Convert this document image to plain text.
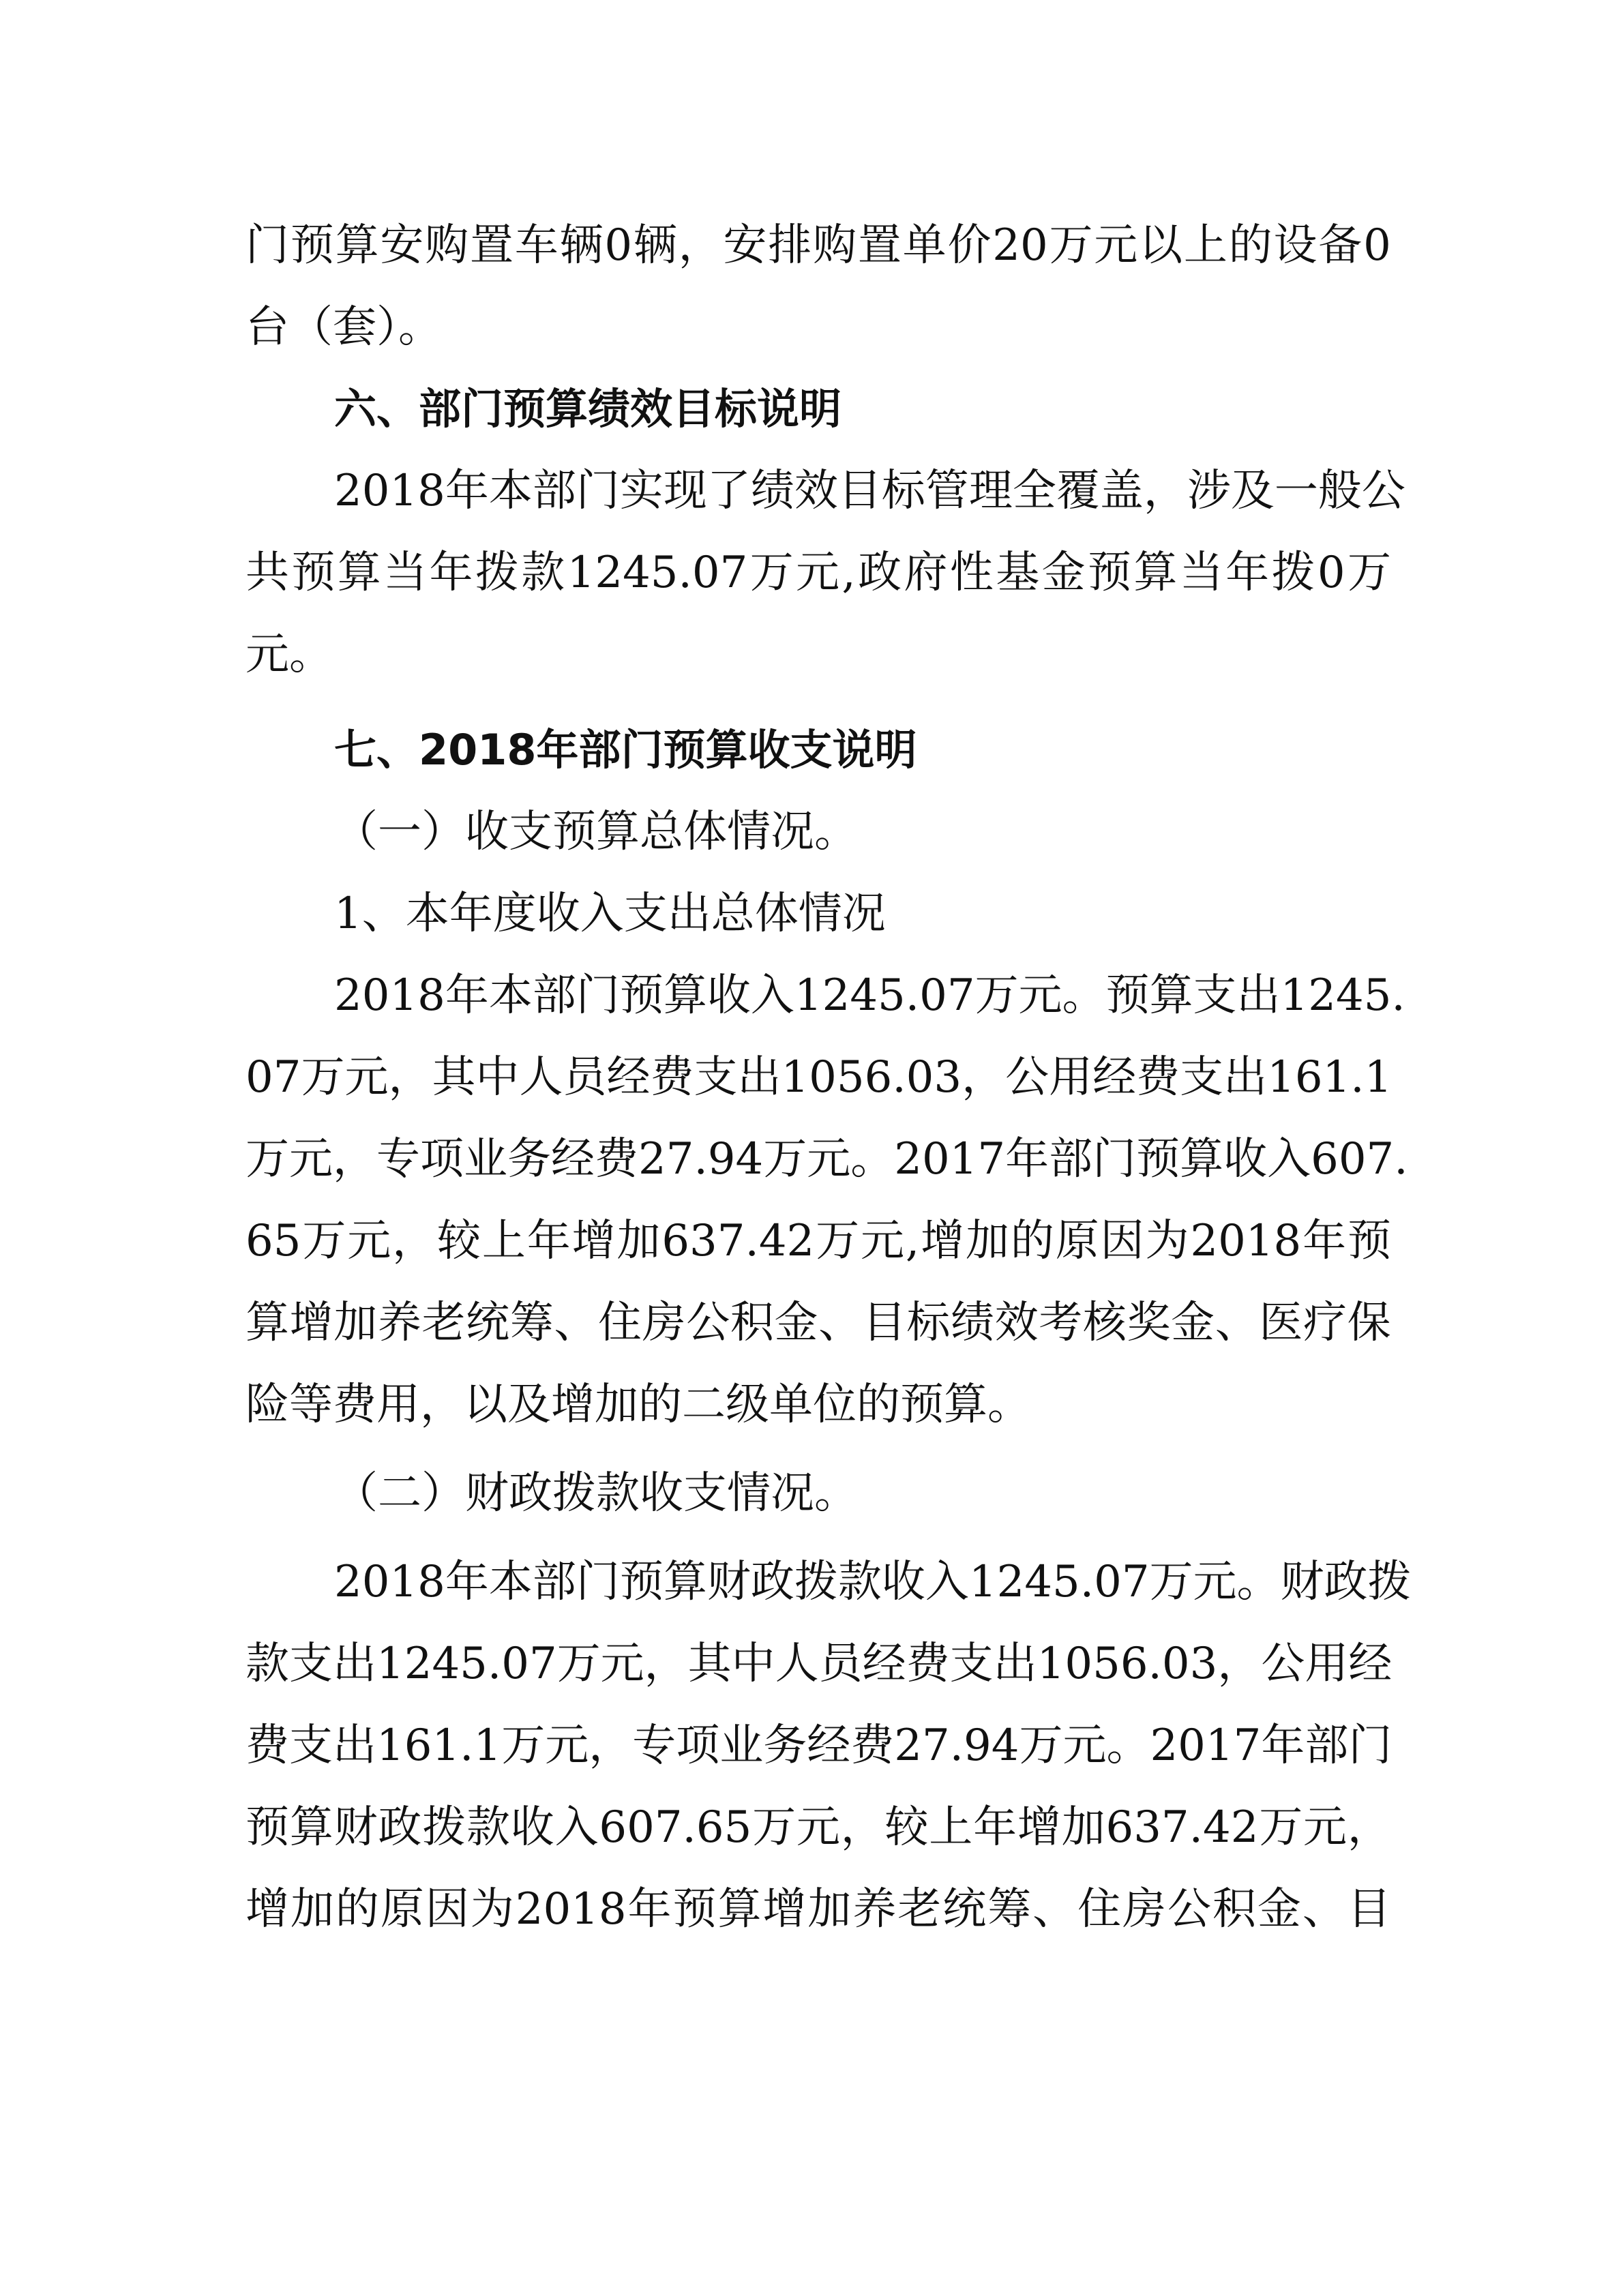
门 预 算 安 购 置 车 辆 0 辆 ， 安 排 购 置 单 价 20 万 元 以 上 的 设 备 0
台（套）。
六、部门预算绩效目标说明
2018 年 本 部 门 实 现 了 绩 效 目 标 管 理 全 覆 盖 ， 涉 及 一 般 公
共 预 算 当 年 拨 款 1245.07 万 元 , 政 府 性 基 金 预 算 当 年 拨 0 万
元。
七、2018年部门预算收支说明
（一）收支预算总体情况。
1、本年度收入支出总体情况
2018 年 本 部 门 预 算 收 入 1245.07 万 元 。 预 算 支 出 1245.
07 万 元 ， 其 中 人 员 经 费 支 出 1056.03 ， 公 用 经 费 支 出 161.1
万 元 ， 专 项 业 务 经 费 27.94 万 元 。 2017 年 部 门 预 算 收 入 607.
65 万 元 ， 较 上 年 增 加 637.42 万 元 , 增 加 的 原 因 为 2018 年 预
算 增 加 养 老 统 筹 、 住 房 公 积 金 、 目 标 绩 效 考 核 奖 金 、 医 疗 保
险等费用，以及增加的二级单位的预算。
（二）财政拨款收支情况。
2018 年 本 部 门 预 算 财 政 拨 款 收 入 1245.07 万 元 。 财 政 拨
款 支 出 1245.07 万 元 ， 其 中 人 员 经 费 支 出 1056.03 ， 公 用 经
费 支 出 161.1 万 元 ， 专 项 业 务 经 费 27.94 万 元 。 2017 年 部 门
预 算 财 政 拨 款 收 入 607.65 万 元 ， 较 上 年 增 加 637.42 万 元 ，
增 加 的 原 因 为 2018 年 预 算 增 加 养 老 统 筹 、 住 房 公 积 金 、 目
